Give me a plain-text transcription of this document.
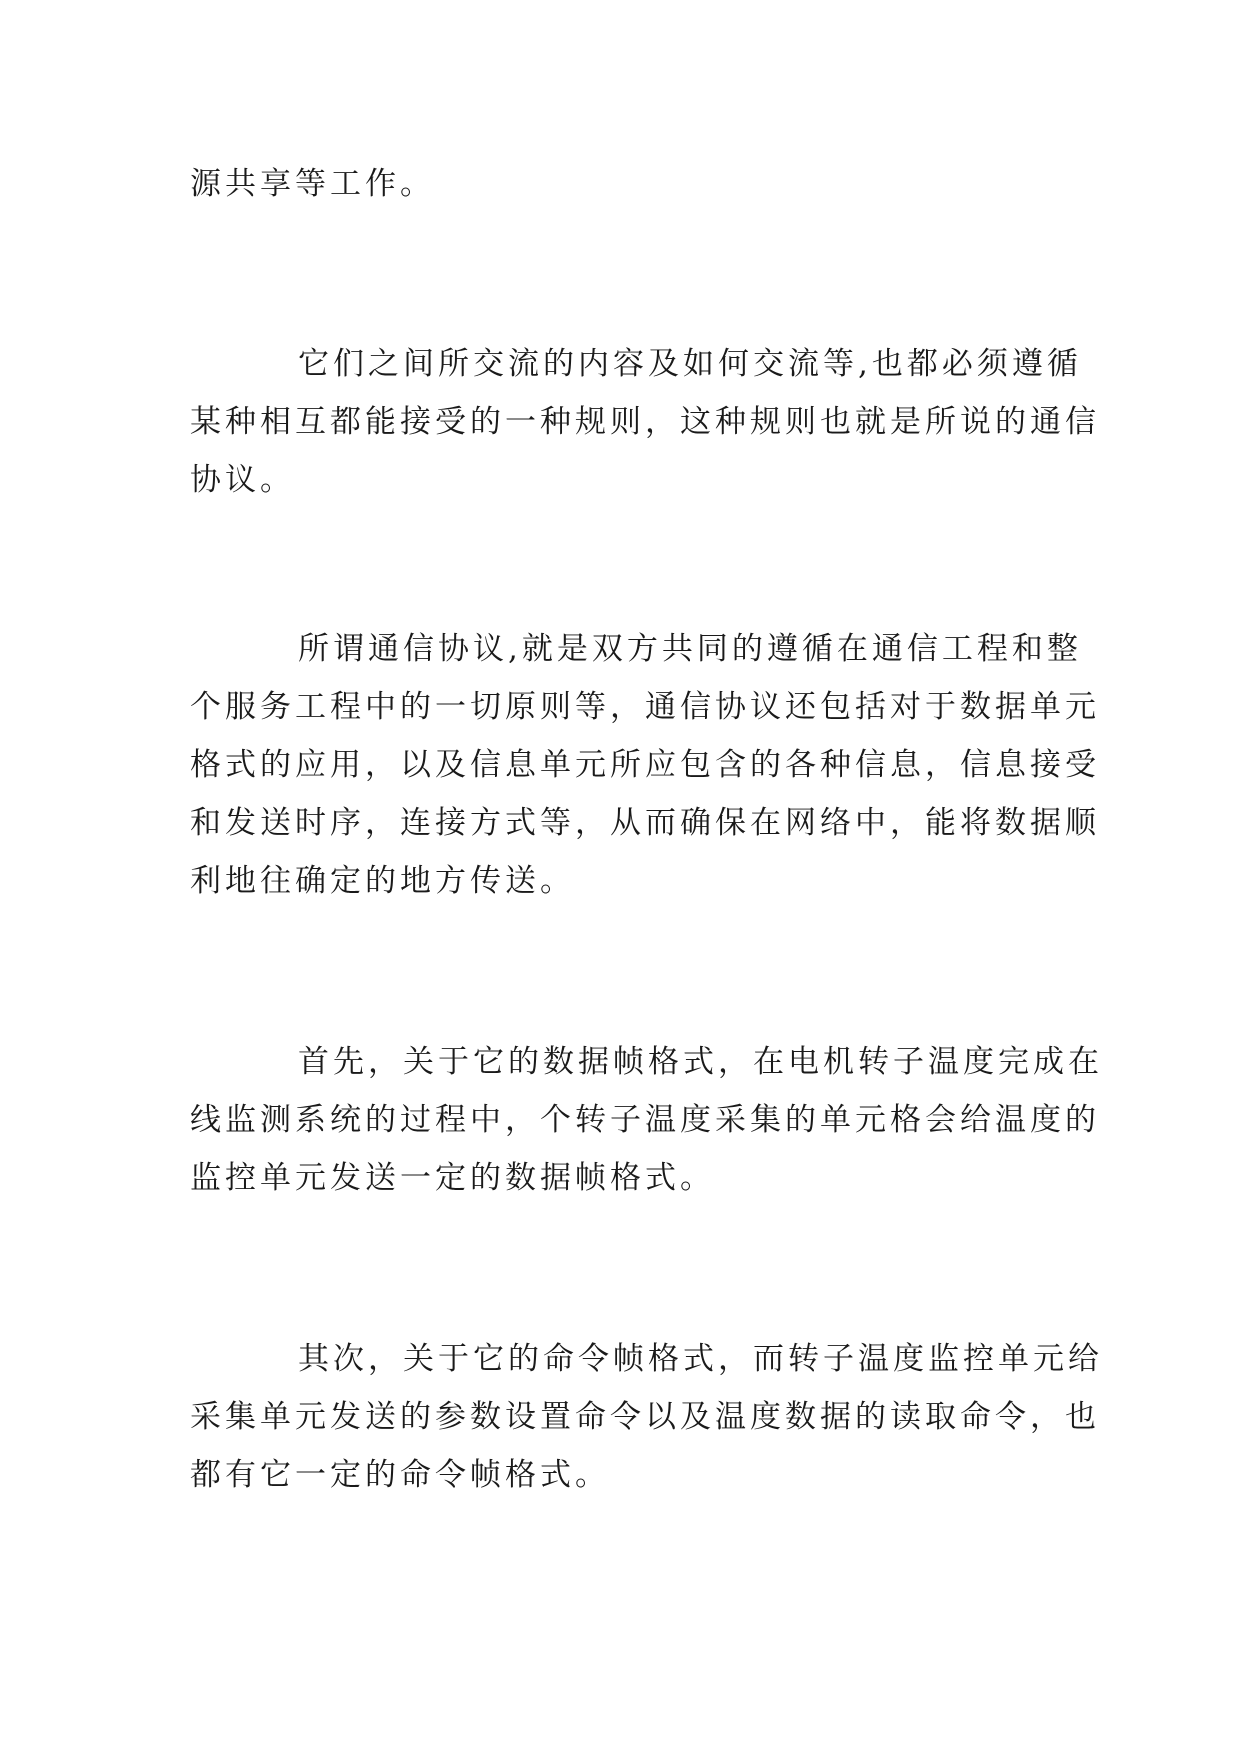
源共享等工作。

它们之间所交流的内容及如何交流等,也都必须遵循
某种相互都能接受的一种规则，这种规则也就是所说的通信
协议。

所谓通信协议,就是双方共同的遵循在通信工程和整
个服务工程中的一切原则等，通信协议还包括对于数据单元
格式的应用，以及信息单元所应包含的各种信息，信息接受
和发送时序，连接方式等，从而确保在网络中，能将数据顺
利地往确定的地方传送。

首先，关于它的数据帧格式，在电机转子温度完成在
线监测系统的过程中，个转子温度采集的单元格会给温度的
监控单元发送一定的数据帧格式。

其次，关于它的命令帧格式，而转子温度监控单元给
采集单元发送的参数设置命令以及温度数据的读取命令，也
都有它一定的命令帧格式。
